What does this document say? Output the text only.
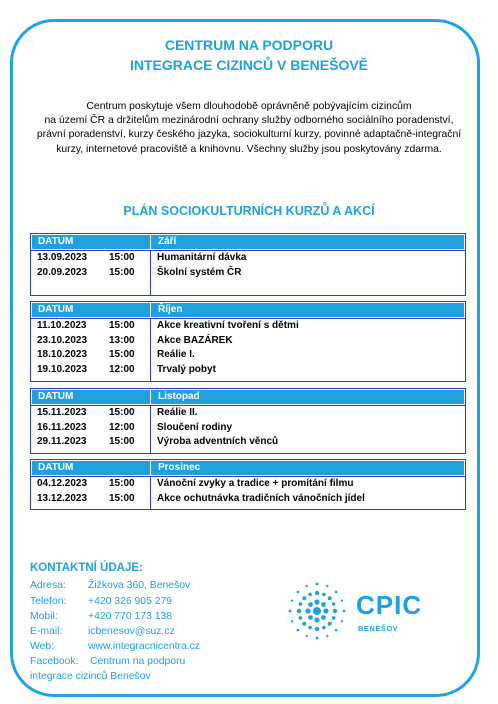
CENTRUM NA PODPORU
INTEGRACE CIZINCŮ V BENEŠOVĚ
Centrum poskytuje všem dlouhodobě oprávněně pobývajícím cizincům
na území ČR a držitelům mezinárodní ochrany služby odborného sociálního poradenství,
právní poradenství, kurzy českého jazyka, sociokulturní kurzy, povinné adaptačně-integrační
kurzy, internetové pracoviště a knihovnu. Všechny služby jsou poskytovány zdarma.
PLÁN SOCIOKULTURNÍCH KURZŮ A AKCÍ
DATUM	Září
13.09.2023 15:00 Humanitární dávka
20.09.2023 15:00 Školní systém ČR
DATUM	Říjen
11.10.2023 15:00 Akce kreativní tvoření s dětmi
23.10.2023 13:00 Akce BAZÁREK
18.10.2023 15:00 Reálie I.
19.10.2023 12:00 Trvalý pobyt
DATUM	Listopad
15.11.2023 15:00 Reálie II.
16.11.2023 12:00 Sloučení rodiny
29.11.2023 15:00 Výroba adventních věnců
DATUM	Prosinec
04.12.2023 15:00 Vánoční zvyky a tradice + promítání filmu
13.12.2023 15:00 Akce ochutnávka tradičních vánočních jídel
KONTAKTNÍ ÚDAJE:
Adresa: Žižkova 360, Benešov
Telefon: +420 326 905 279
Mobil:	+420 770 173 138
E-mail: icbenesov@suz.cz
Web:	www.integracnicentra.cz
Facebook: Centrum na podporu
integrace cizinců Benešov
CPIC
BENEŠOV
